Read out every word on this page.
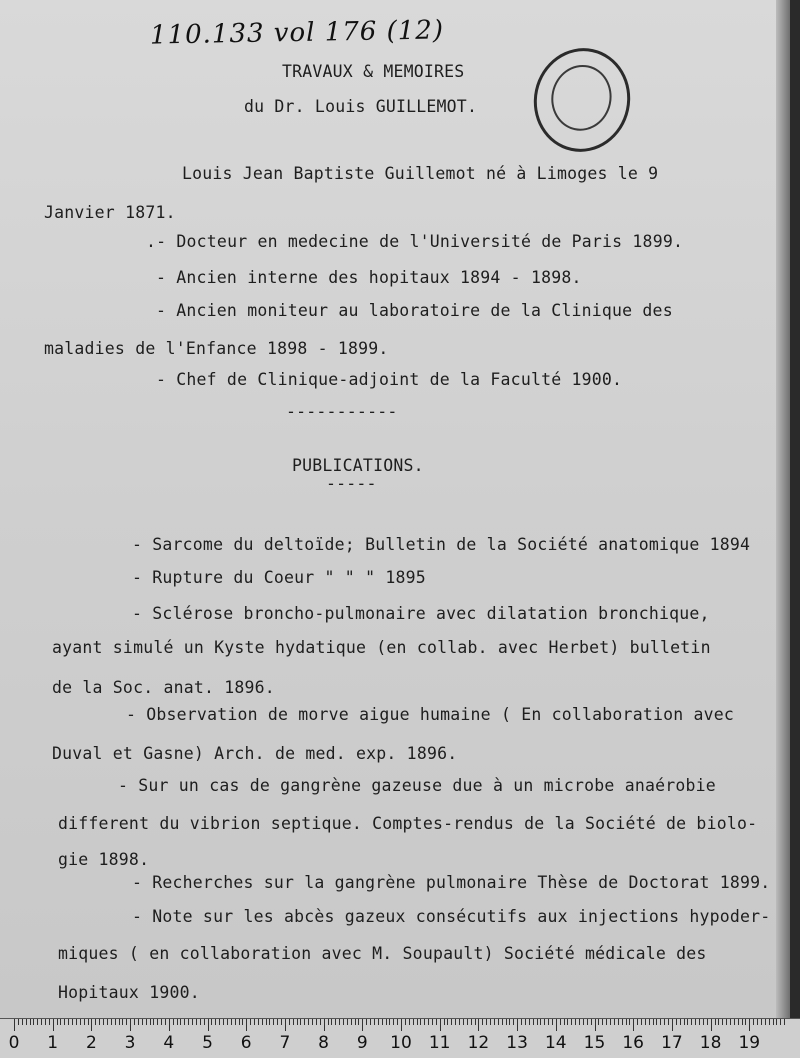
110.133 vol 176 (12)
TRAVAUX & MEMOIRES
du Dr. Louis GUILLEMOT.
Louis Jean Baptiste Guillemot né à Limoges le 9
Janvier 1871.
.- Docteur en medecine de l'Université de Paris 1899.
- Ancien interne des hopitaux 1894 - 1898.
- Ancien moniteur au laboratoire de la Clinique des
maladies de l'Enfance 1898 - 1899.
- Chef de Clinique-adjoint de la Faculté 1900.
-----------
PUBLICATIONS.
-----
- Sarcome du deltoïde; Bulletin de la Société anatomique 1894
- Rupture du Coeur " " " 1895
- Sclérose broncho-pulmonaire avec dilatation bronchique,
ayant simulé un Kyste hydatique (en collab. avec Herbet) bulletin
de la Soc. anat. 1896.
- Observation de morve aigue humaine ( En collaboration avec
Duval et Gasne) Arch. de med. exp. 1896.
- Sur un cas de gangrène gazeuse due à un microbe anaérobie
different du vibrion septique. Comptes-rendus de la Société de biolo-
gie 1898.
- Recherches sur la gangrène pulmonaire Thèse de Doctorat 1899.
- Note sur les abcès gazeux consécutifs aux injections hypoder-
miques ( en collaboration avec M. Soupault) Société médicale des
Hopitaux 1900.
0 1 2 3 4 5 6 7 8 9 10 11 12 13 14 15 16 17 18 19
